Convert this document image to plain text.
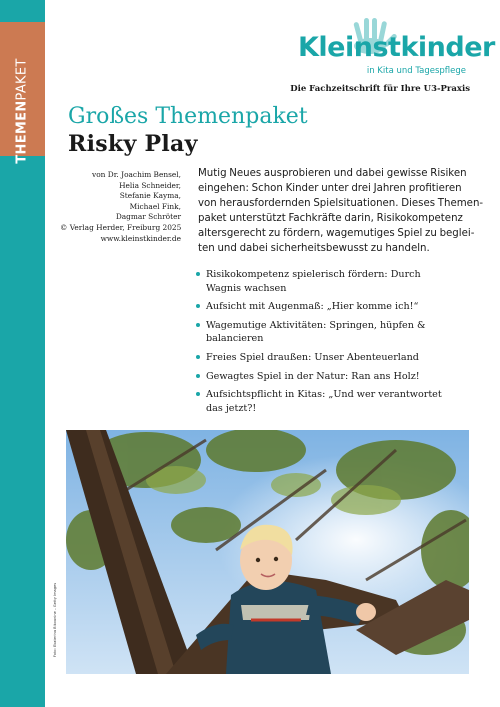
THEMENPAKET
Kleinstkinder
in Kita und Tagespflege
Die Fachzeitschrift für Ihre U3-Praxis
Großes Themenpaket
Risky Play
von Dr. Joachim Bensel,
Helia Schneider,
Stefanie Kayma,
Michael Fink,
Dagmar Schröter
© Verlag Herder, Freiburg 2025
www.kleinstkinder.de
Mutig Neues ausprobieren und dabei gewisse Risiken
eingehen: Schon Kinder unter drei Jahren profitieren
von herausfordernden Spielsituationen. Dieses Themen-
paket unterstützt Fachkräfte darin, Risikokompetenz
altersgerecht zu fördern, wagemutiges Spiel zu beglei-
ten und dabei sicherheitsbewusst zu handeln.
Risikokompetenz spielerisch fördern: Durch
Wagnis wachsen
Aufsicht mit Augenmaß: „Hier komme ich!“
Wagemutige Aktivitäten: Springen, hüpfen &
balancieren
Freies Spiel draußen: Unser Abenteuerland
Gewagtes Spiel in der Natur: Ran ans Holz!
Aufsichtspflicht in Kitas: „Und wer verantwortet
das jetzt?!
Foto: Ekaterina Bikounine – Getty Images
